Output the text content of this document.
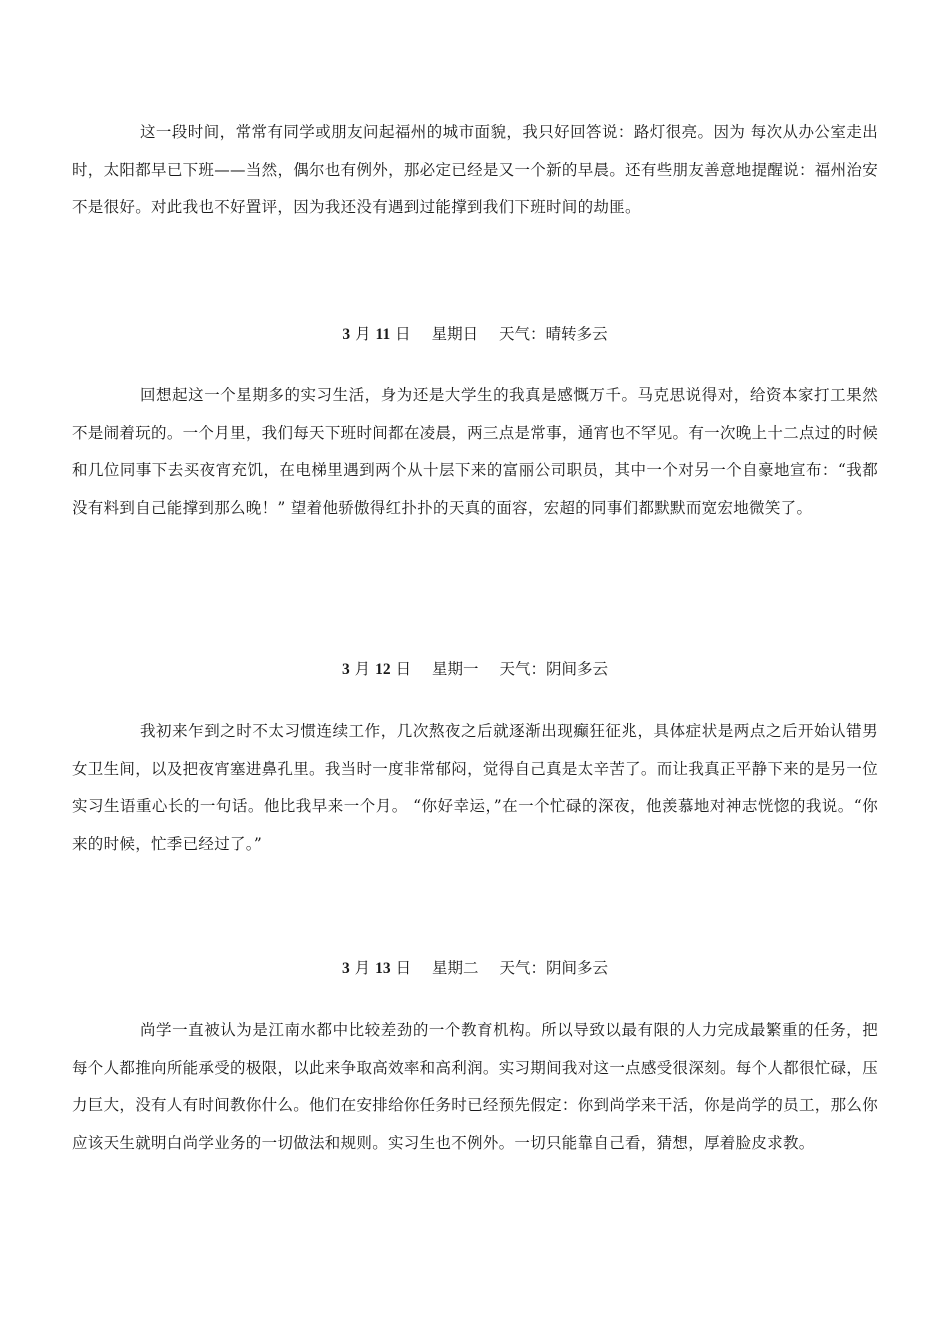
这一段时间，常常有同学或朋友问起福州的城市面貌，我只好回答说：路灯很亮。因为 每次从办公室走出时，太阳都早已下班——当然，偶尔也有例外，那必定已经是又一个新的早晨。还有些朋友善意地提醒说：福州治安不是很好。对此我也不好置评，因为我还没有遇到过能撑到我们下班时间的劫匪。

3 月 11 日 星期日 天气：晴转多云

回想起这一个星期多的实习生活，身为还是大学生的我真是感慨万千。马克思说得对，给资本家打工果然不是闹着玩的。一个月里，我们每天下班时间都在凌晨，两三点是常事，通宵也不罕见。有一次晚上十二点过的时候和几位同事下去买夜宵充饥，在电梯里遇到两个从十层下来的富丽公司职员，其中一个对另一个自豪地宣布：“我都没有料到自己能撑到那么晚！” 望着他骄傲得红扑扑的天真的面容，宏超的同事们都默默而宽宏地微笑了。

3 月 12 日 星期一 天气：阴间多云

我初来乍到之时不太习惯连续工作，几次熬夜之后就逐渐出现癫狂征兆，具体症状是两点之后开始认错男女卫生间，以及把夜宵塞进鼻孔里。我当时一度非常郁闷，觉得自己真是太辛苦了。而让我真正平静下来的是另一位实习生语重心长的一句话。他比我早来一个月。 “你好幸运，”在一个忙碌的深夜，他羡慕地对神志恍惚的我说。“你来的时候，忙季已经过了。”

3 月 13 日 星期二 天气：阴间多云

尚学一直被认为是江南水都中比较差劲的一个教育机构。所以导致以最有限的人力完成最繁重的任务，把每个人都推向所能承受的极限，以此来争取高效率和高利润。实习期间我对这一点感受很深刻。每个人都很忙碌，压力巨大，没有人有时间教你什么。他们在安排给你任务时已经预先假定：你到尚学来干活，你是尚学的员工，那么你应该天生就明白尚学业务的一切做法和规则。实习生也不例外。一切只能靠自己看，猜想，厚着脸皮求教。
